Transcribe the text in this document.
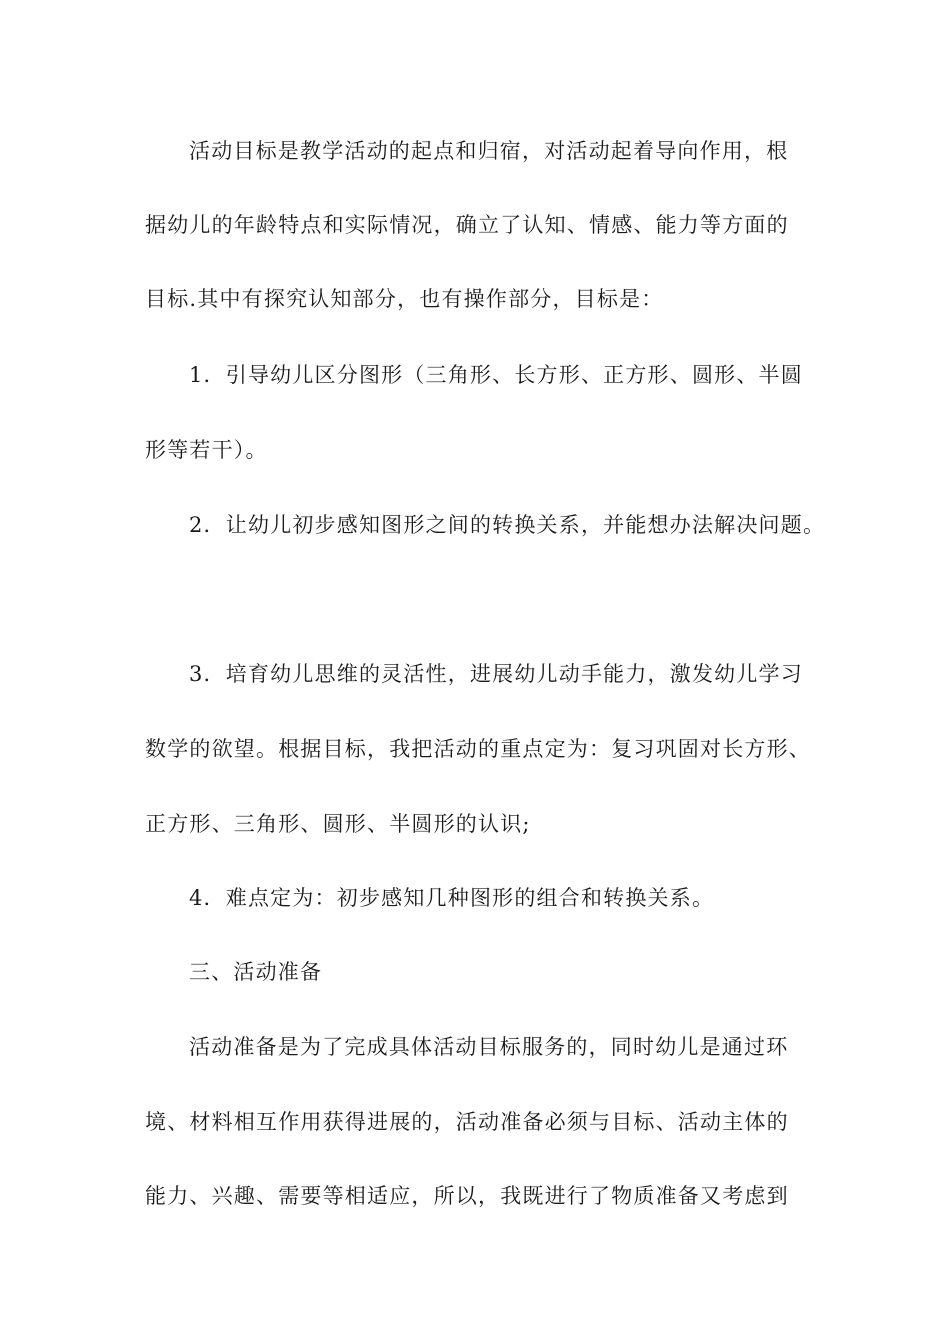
活动目标是教学活动的起点和归宿，对活动起着导向作用，根
据幼儿的年龄特点和实际情况，确立了认知、情感、能力等方面的
目标.其中有探究认知部分，也有操作部分，目标是：
1．引导幼儿区分图形（三角形、长方形、正方形、圆形、半圆
形等若干）。
2．让幼儿初步感知图形之间的转换关系，并能想办法解决问题。
3．培育幼儿思维的灵活性，进展幼儿动手能力，激发幼儿学习
数学的欲望。根据目标，我把活动的重点定为：复习巩固对长方形、
正方形、三角形、圆形、半圆形的认识;
4．难点定为：初步感知几种图形的组合和转换关系。
三、活动准备
活动准备是为了完成具体活动目标服务的，同时幼儿是通过环
境、材料相互作用获得进展的，活动准备必须与目标、活动主体的
能力、兴趣、需要等相适应，所以，我既进行了物质准备又考虑到
